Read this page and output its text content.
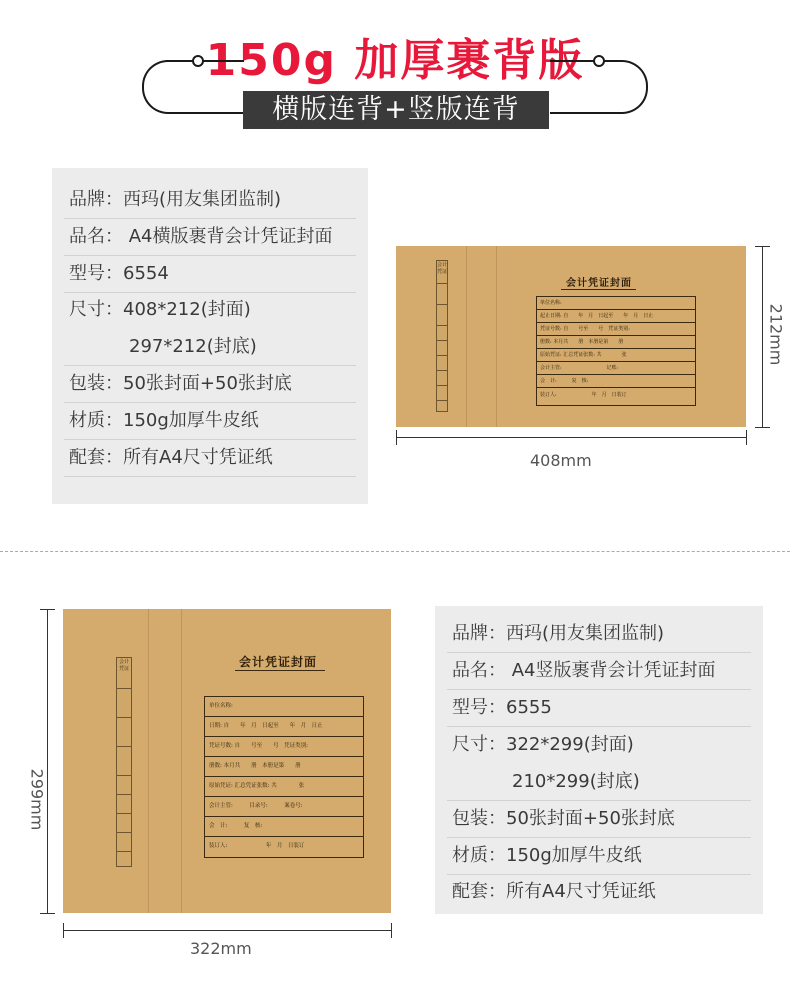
150g 加厚裹背版
横版连背+竖版连背
品牌：西玛(用友集团监制)
品名： A4横版裹背会计凭证封面
型号：6554
尺寸：408*212(封面)
297*212(封底)
包装：50张封面+50张封底
材质：150g加厚牛皮纸
配套：所有A4尺寸凭证纸
会计凭证
会计凭证封面
单位名称:
起止日期: 自　　年　月　日起至　　年　月　日止
凭证号数: 自　　号至　　号　凭证类别:
册数: 本月共　　册　本册是第　　册
原始凭证: 汇总凭证张数: 共　　　　张
会计主管:　　　　　　　　　记账:
会　计:　　　复　核:
装订人:　　　　　　　年　月　日装订
408mm
212mm
会计凭证	会计凭证封面
单位名称:
日期: 自　　年　月　日起至　　年　月　日止
凭证号数: 自　　号至　　号　凭证类别:
册数: 本月共　　册　本册是第　　册
原始凭证: 汇总凭证张数: 共　　　　张
会计主管:　　　目录号:　　　案卷号:
会　计:　　　复　核:
装订人:　　　　　　　年　月　日装订
299mm
322mm
品牌：西玛(用友集团监制)
品名： A4竖版裹背会计凭证封面
型号：6555
尺寸：322*299(封面)
210*299(封底)
包装：50张封面+50张封底
材质：150g加厚牛皮纸
配套：所有A4尺寸凭证纸
